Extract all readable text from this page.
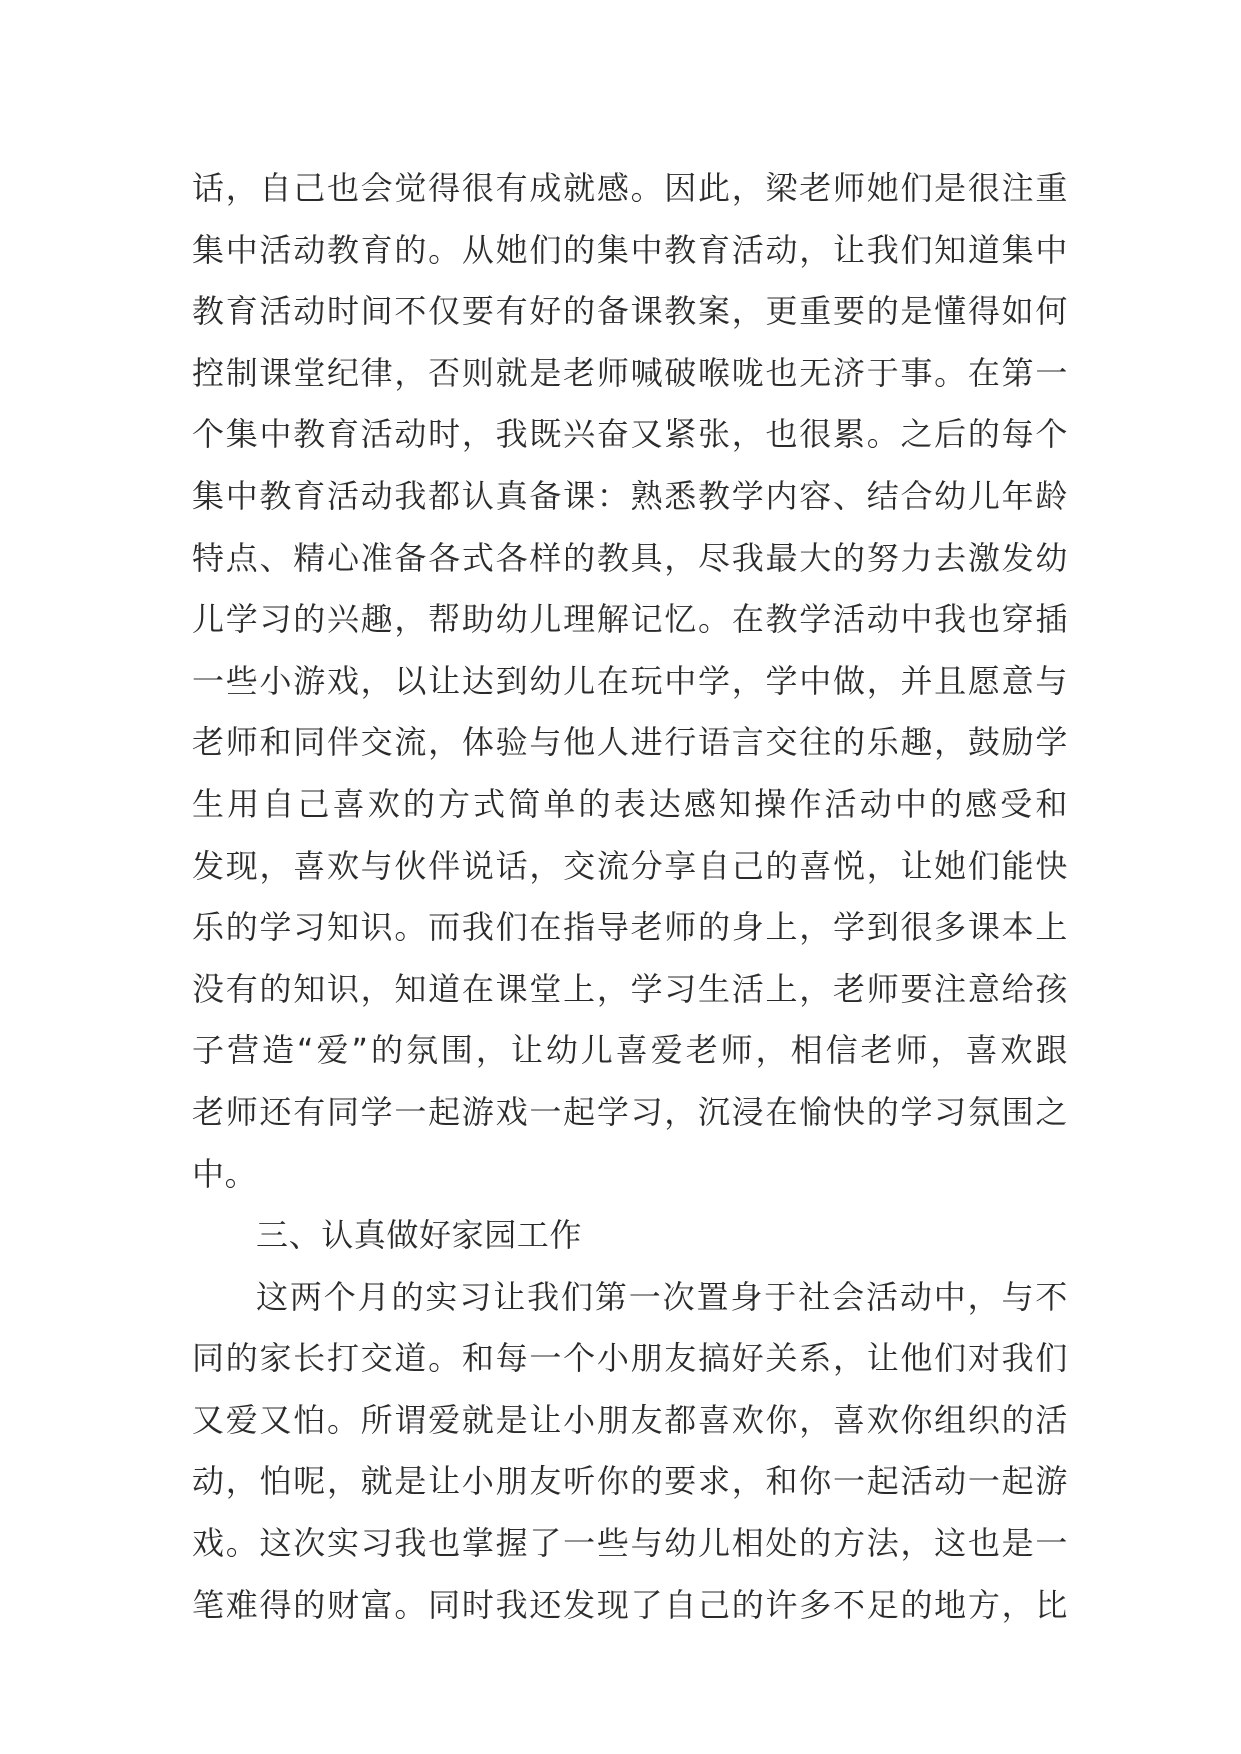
话，自己也会觉得很有成就感。因此，梁老师她们是很注重
集中活动教育的。从她们的集中教育活动，让我们知道集中
教育活动时间不仅要有好的备课教案，更重要的是懂得如何
控制课堂纪律，否则就是老师喊破喉咙也无济于事。在第一
个集中教育活动时，我既兴奋又紧张，也很累。之后的每个
集中教育活动我都认真备课：熟悉教学内容、结合幼儿年龄
特点、精心准备各式各样的教具，尽我最大的努力去激发幼
儿学习的兴趣，帮助幼儿理解记忆。在教学活动中我也穿插
一些小游戏，以让达到幼儿在玩中学，学中做，并且愿意与
老师和同伴交流，体验与他人进行语言交往的乐趣，鼓励学
生用自己喜欢的方式简单的表达感知操作活动中的感受和
发现，喜欢与伙伴说话，交流分享自己的喜悦，让她们能快
乐的学习知识。而我们在指导老师的身上，学到很多课本上
没有的知识，知道在课堂上，学习生活上，老师要注意给孩
子营造“爱”的氛围，让幼儿喜爱老师，相信老师，喜欢跟
老师还有同学一起游戏一起学习，沉浸在愉快的学习氛围之
中。
三、认真做好家园工作
这两个月的实习让我们第一次置身于社会活动中，与不
同的家长打交道。和每一个小朋友搞好关系，让他们对我们
又爱又怕。所谓爱就是让小朋友都喜欢你，喜欢你组织的活
动，怕呢，就是让小朋友听你的要求，和你一起活动一起游
戏。这次实习我也掌握了一些与幼儿相处的方法，这也是一
笔难得的财富。同时我还发现了自己的许多不足的地方，比
